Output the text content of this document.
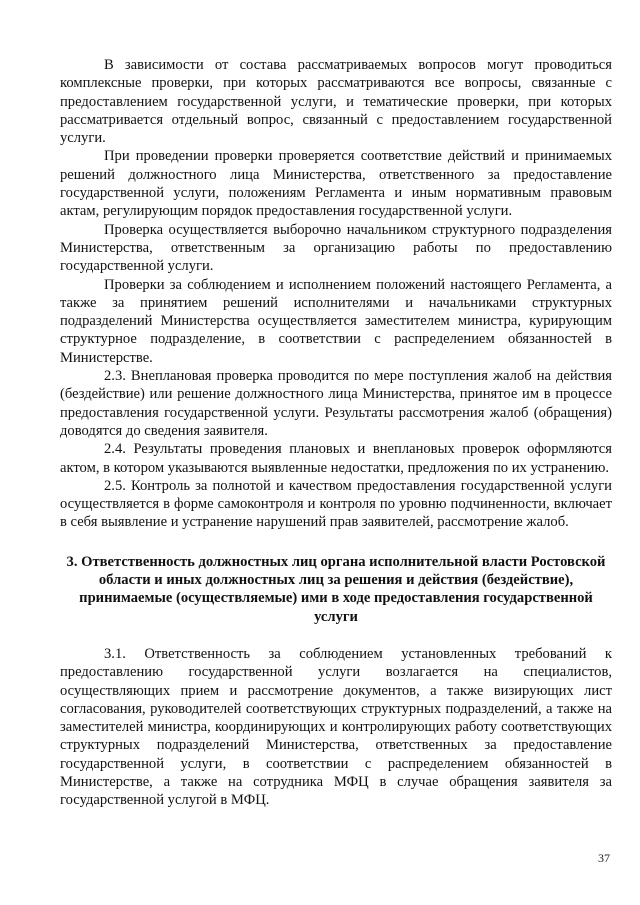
В зависимости от состава рассматриваемых вопросов могут проводиться комплексные проверки, при которых рассматриваются все вопросы, связанные с предоставлением государственной услуги, и тематические проверки, при которых рассматривается отдельный вопрос, связанный с предоставлением государственной услуги.

При проведении проверки проверяется соответствие действий и принимаемых решений должностного лица Министерства, ответственного за предоставление государственной услуги, положениям Регламента и иным нормативным правовым актам, регулирующим порядок предоставления государственной услуги.

Проверка осуществляется выборочно начальником структурного подразделения Министерства, ответственным за организацию работы по предоставлению государственной услуги.

Проверки за соблюдением и исполнением положений настоящего Регламента, а также за принятием решений исполнителями и начальниками структурных подразделений Министерства осуществляется заместителем министра, курирующим структурное подразделение, в соответствии с распределением обязанностей в Министерстве.

2.3. Внеплановая проверка проводится по мере поступления жалоб на действия (бездействие) или решение должностного лица Министерства, принятое им в процессе предоставления государственной услуги. Результаты рассмотрения жалоб (обращения) доводятся до сведения заявителя.

2.4. Результаты проведения плановых и внеплановых проверок оформляются актом, в котором указываются выявленные недостатки, предложения по их устранению.

2.5. Контроль за полнотой и качеством предоставления государственной услуги осуществляется в форме самоконтроля и контроля по уровню подчиненности, включает в себя выявление и устранение нарушений прав заявителей, рассмотрение жалоб.

3. Ответственность должностных лиц органа исполнительной власти Ростовской области и иных должностных лиц за решения и действия (бездействие), принимаемые (осуществляемые) ими в ходе предоставления государственной услуги

3.1. Ответственность за соблюдением установленных требований к предоставлению государственной услуги возлагается на специалистов, осуществляющих прием и рассмотрение документов, а также визирующих лист согласования, руководителей соответствующих структурных подразделений, а также на заместителей министра, координирующих и контролирующих работу соответствующих структурных подразделений Министерства, ответственных за предоставление государственной услуги, в соответствии с распределением обязанностей в Министерстве, а также на сотрудника МФЦ в случае обращения заявителя за государственной услугой в МФЦ.

37
